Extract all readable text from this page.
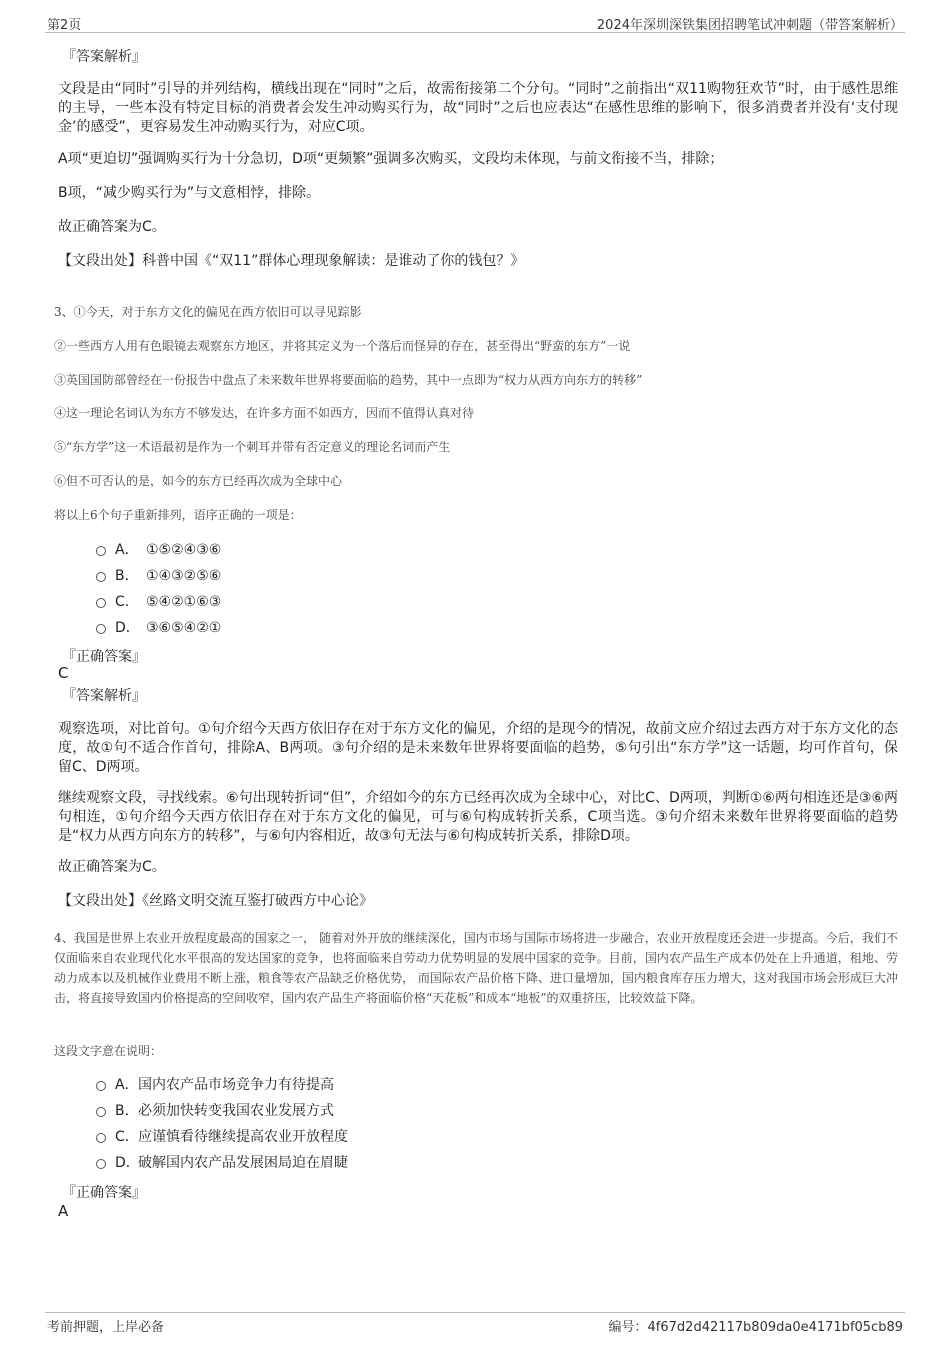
第2页	2024年深圳深铁集团招聘笔试冲刺题（带答案解析）
『答案解析』

文段是由“同时”引导的并列结构，横线出现在“同时”之后，故需衔接第二个分句。“同时”之前指出“双11购物狂欢节”时，由于感性思维的主导，一些本没有特定目标的消费者会发生冲动购买行为，故“同时”之后也应表达“在感性思维的影响下，很多消费者并没有‘支付现金’的感受”，更容易发生冲动购买行为，对应C项。

A项“更迫切”强调购买行为十分急切，D项“更频繁”强调多次购买，文段均未体现，与前文衔接不当，排除；

B项，“减少购买行为”与文意相悖，排除。

故正确答案为C。

【文段出处】科普中国《“双11”群体心理现象解读：是谁动了你的钱包？》

3、①今天，对于东方文化的偏见在西方依旧可以寻见踪影
②一些西方人用有色眼镜去观察东方地区，并将其定义为一个落后而怪异的存在，甚至得出“野蛮的东方”一说
③英国国防部曾经在一份报告中盘点了未来数年世界将要面临的趋势，其中一点即为“权力从西方向东方的转移”
④这一理论名词认为东方不够发达，在许多方面不如西方，因而不值得认真对待
⑤“东方学”这一术语最初是作为一个刺耳并带有否定意义的理论名词而产生
⑥但不可否认的是，如今的东方已经再次成为全球中心
将以上6个句子重新排列，语序正确的一项是：
A． ①⑤②④③⑥
B． ①④③②⑤⑥
C． ⑤④②①⑥③
D． ③⑥⑤④②①
『正确答案』
C
『答案解析』

观察选项，对比首句。①句介绍今天西方依旧存在对于东方文化的偏见，介绍的是现今的情况，故前文应介绍过去西方对于东方文化的态度，故①句不适合作首句，排除A、B两项。③句介绍的是未来数年世界将要面临的趋势，⑤句引出“东方学”这一话题，均可作首句，保留C、D两项。

继续观察文段，寻找线索。⑥句出现转折词“但”，介绍如今的东方已经再次成为全球中心，对比C、D两项，判断①⑥两句相连还是③⑥两句相连，①句介绍今天西方依旧存在对于东方文化的偏见，可与⑥句构成转折关系，C项当选。③句介绍未来数年世界将要面临的趋势是“权力从西方向东方的转移”，与⑥句内容相近，故③句无法与⑥句构成转折关系，排除D项。

故正确答案为C。

【文段出处】《丝路文明交流互鉴打破西方中心论》

4、我国是世界上农业开放程度最高的国家之一， 随着对外开放的继续深化，国内市场与国际市场将进一步融合，农业开放程度还会进一步提高。今后，我们不仅面临来自农业现代化水平很高的发达国家的竞争，也将面临来自劳动力优势明显的发展中国家的竞争。目前，国内农产品生产成本仍处在上升通道，租地、劳动力成本以及机械作业费用不断上涨，粮食等农产品缺乏价格优势， 而国际农产品价格下降、进口量增加，国内粮食库存压力增大，这对我国市场会形成巨大冲击，将直接导致国内价格提高的空间收窄，国内农产品生产将面临价格“天花板”和成本“地板”的双重挤压，比较效益下降。
这段文字意在说明：
A． 国内农产品市场竞争力有待提高
B． 必须加快转变我国农业发展方式
C． 应谨慎看待继续提高农业开放程度
D．
破解国内农产品发展困局迫在眉睫
『正确答案』
A
考前押题，上岸必备	编号：4f67d2d42117b809da0e4171bf05cb89
